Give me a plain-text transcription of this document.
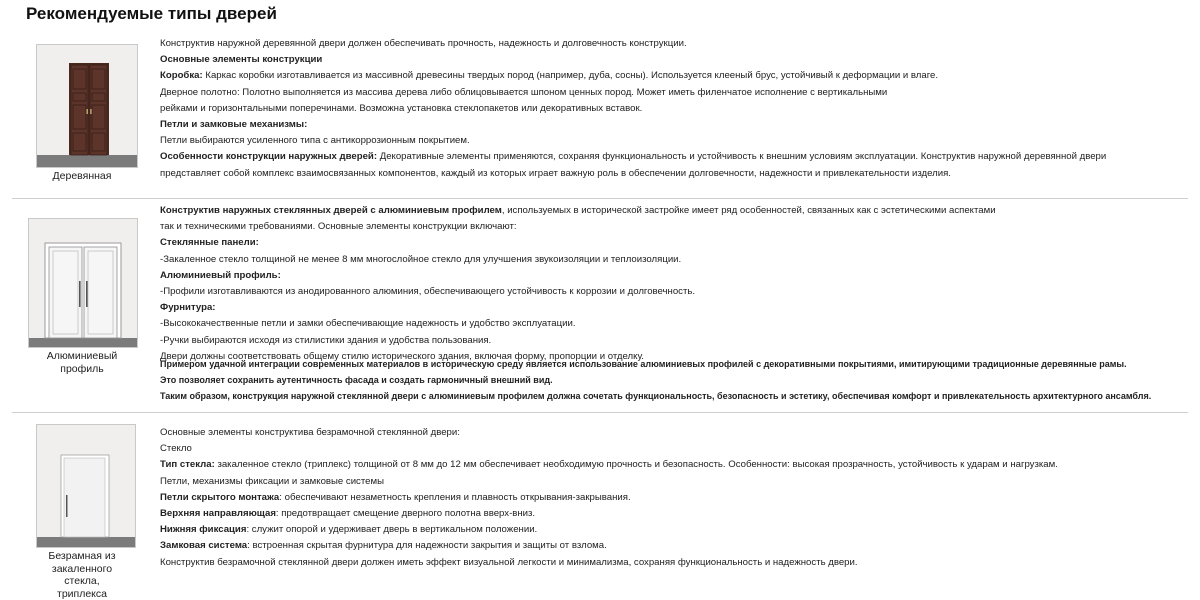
Рекомендуемые типы дверей
Деревянная
Конструктив наружной деревянной двери должен обеспечивать прочность, надежность и долговечность конструкции.
Основные элементы конструкции
Коробка: Каркас коробки изготавливается из массивной древесины твердых пород (например, дуба, сосны). Используется клееный брус, устойчивый к деформации и влаге.
Дверное полотно: Полотно выполняется из массива дерева либо облицовывается шпоном ценных пород. Может иметь филенчатое исполнение с вертикальными
рейками и горизонтальными поперечинами. Возможна установка стеклопакетов или декоративных вставок.
Петли и замковые механизмы:
Петли выбираются усиленного типа с антикоррозионным покрытием.
Особенности конструкции наружных дверей: Декоративные элементы применяются, сохраняя функциональность и устойчивость к внешним условиям эксплуатации. Конструктив наружной деревянной двери
представляет собой комплекс взаимосвязанных компонентов, каждый из которых играет важную роль в обеспечении долговечности, надежности и привлекательности изделия.
Алюминиевый профиль
Конструктив наружных стеклянных дверей с алюминиевым профилем, используемых в исторической застройке имеет ряд особенностей, связанных как с эстетическими аспектами
так и техническими требованиями. Основные элементы конструкции включают:
Стеклянные панели:
-Закаленное стекло толщиной не менее 8 мм многослойное стекло для улучшения звукоизоляции и теплоизоляции.
Алюминиевый профиль:
-Профили изготавливаются из анодированного алюминия, обеспечивающего устойчивость к коррозии и долговечность.
Фурнитура:
-Высококачественные петли и замки обеспечивающие надежность и удобство эксплуатации.
-Ручки выбираются исходя из стилистики здания и удобства пользования.
Двери должны соответствовать общему стилю исторического здания, включая форму, пропорции и отделку.
Примером удачной интеграции современных материалов в историческую среду является использование алюминиевых профилей с декоративными покрытиями, имитирующими традиционные деревянные рамы.
Это позволяет сохранить аутентичность фасада и создать гармоничный внешний вид.
Таким образом, конструкция наружной стеклянной двери с алюминиевым профилем должна сочетать функциональность, безопасность и эстетику, обеспечивая комфорт и привлекательность архитектурного ансамбля.
Безрамная из закаленного стекла, триплекса
Основные элементы конструктива безрамочной стеклянной двери:
Стекло
Тип стекла: закаленное стекло (триплекс) толщиной от 8 мм до 12 мм обеспечивает необходимую прочность и безопасность. Особенности: высокая прозрачность, устойчивость к ударам и нагрузкам.
Петли, механизмы фиксации и замковые системы
Петли скрытого монтажа: обеспечивают незаметность крепления и плавность открывания-закрывания.
Верхняя направляющая: предотвращает смещение дверного полотна вверх-вниз.
Нижняя фиксация: служит опорой и удерживает дверь в вертикальном положении.
Замковая система: встроенная скрытая фурнитура для надежности закрытия и защиты от взлома.
Конструктив безрамочной стеклянной двери должен иметь эффект визуальной легкости и минимализма, сохраняя функциональность и надежность двери.
